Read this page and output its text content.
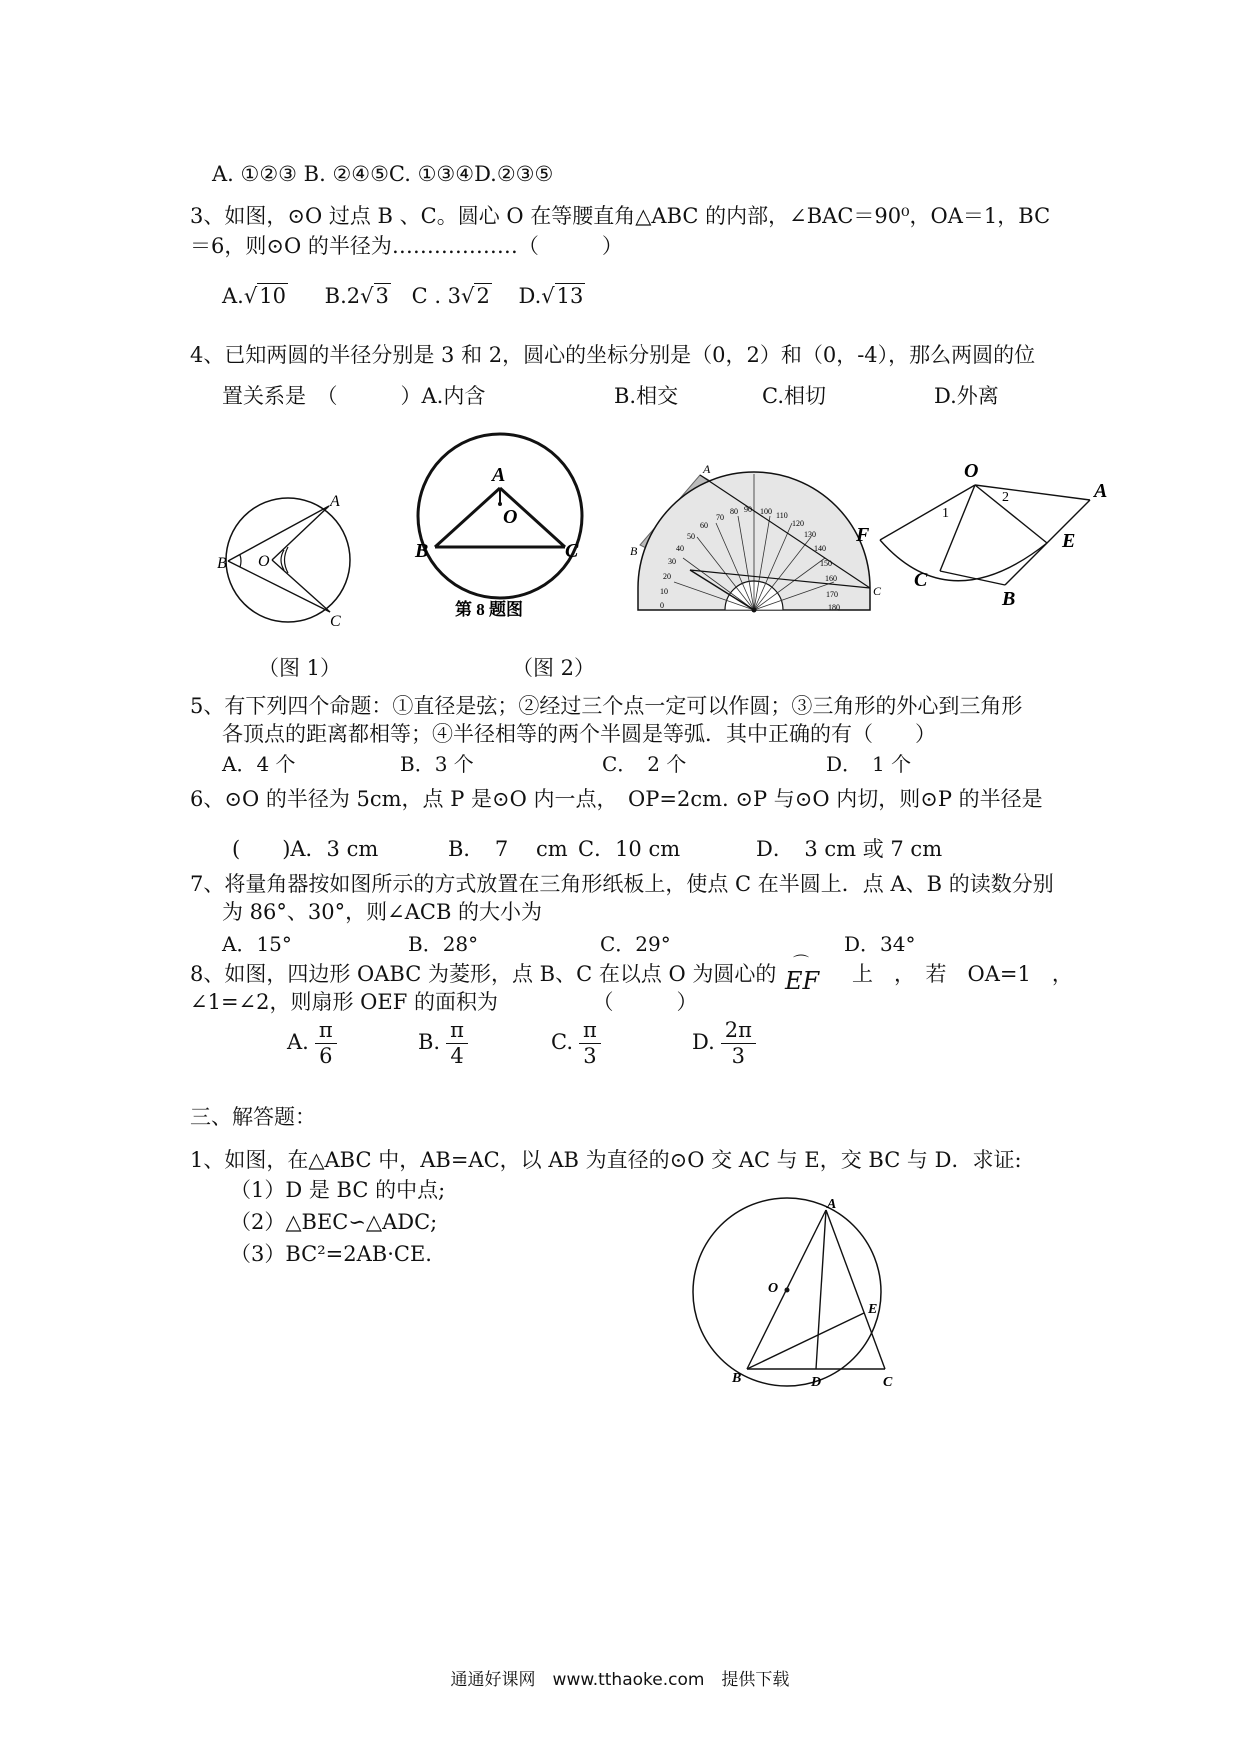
A. ①②③ B. ②④⑤C. ①③④D.②③⑤
3、如图，⊙O 过点 B 、C。圆心 O 在等腰直角△ABC 的内部，∠BAC＝90⁰，OA＝1，BC
＝6，则⊙O 的半径为………………（　　　）
A.√10 B.2√3 C . 3√2 D.√13
4、已知两圆的半径分别是 3 和 2，圆心的坐标分别是（0，2）和（0，-4），那么两圆的位
置关系是　（　　　）A.内含	B.相交	C.相切	D.外离
A
B O
C
A
O
B	C
第 8 题图	0
10
20
30
40
50
60
70
80 90 100 110
120
130
140
150
160
170
180
A
B
C
O
A
E
F
C
B
1
2
（图 1）	（图 2）
5、有下列四个命题：①直径是弦；②经过三个点一定可以作圆；③三角形的外心到三角形
各顶点的距离都相等；④半径相等的两个半圆是等弧．其中正确的有（　　）
A．4 个	B．3 个	C．　2 个	D．　1 个
6、⊙O 的半径为 5cm，点 P 是⊙O 内一点，　OP=2cm. ⊙P 与⊙O 内切，则⊙P 的半径是
(　　)A．3 cm	B．　7　 cm C．10 cm	D．　3 cm 或 7 cm
7、将量角器按如图所示的方式放置在三角形纸板上，使点 C 在半圆上．点 A、B 的读数分别
为 86°、30°，则∠ACB 的大小为
A．15°	B．28°	C．29°	D．34°
8、如图，四边形 OABC 为菱形，点 B、C 在以点 O 为圆心的 ⌒
EF 上　，　若　OA=1　，
∠1=∠2，则扇形 OEF 的面积为　　　　　（　　　）
A. $\frac{\pi}{6}$	B. $\frac{\pi}{4}$	C. $\frac{\pi}{3}$	D. $\frac{2\pi}{3}$
三、解答题：
1、如图，在△ABC 中，AB=AC，以 AB 为直径的⊙O 交 AC 与 E，交 BC 与 D．求证:
（1）D 是 BC 的中点;
（2）△BEC∽△ADC;
（3）BC²=2AB·CE.
A
O
E
B	D	C
通通好课网　www.tthaoke.com　提供下载
